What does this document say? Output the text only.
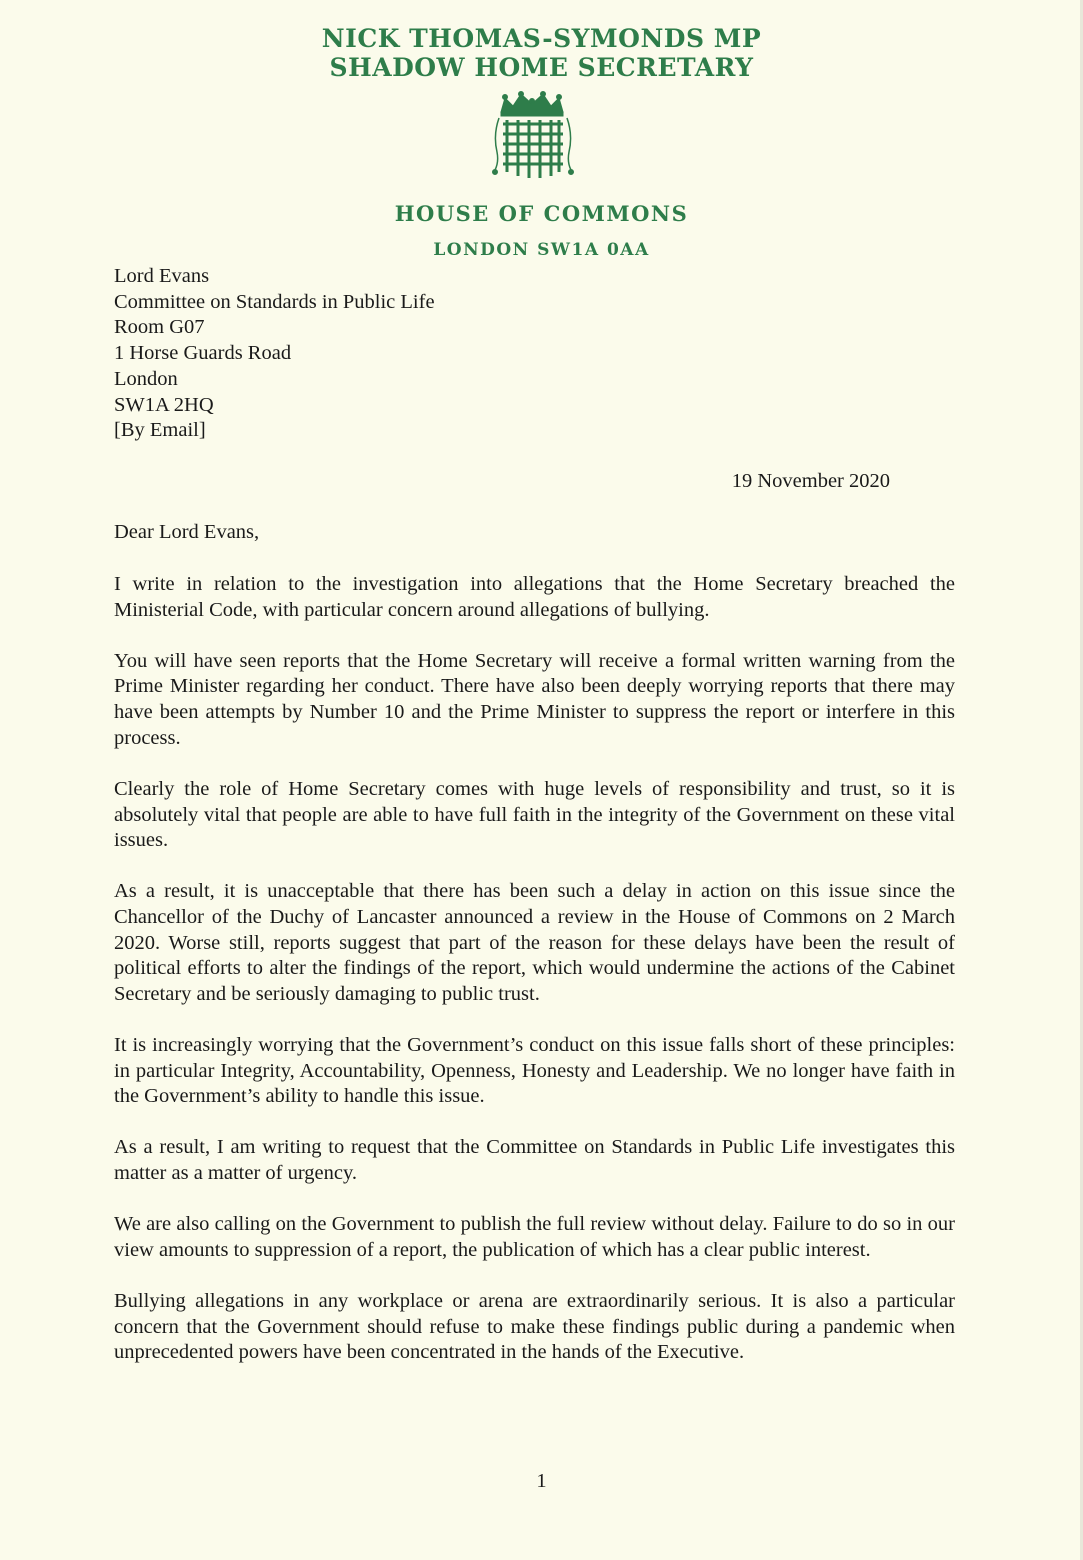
NICK THOMAS-SYMONDS MP
SHADOW HOME SECRETARY
HOUSE OF COMMONS
LONDON SW1A 0AA
Lord Evans
Committee on Standards in Public Life
Room G07
1 Horse Guards Road
London
SW1A 2HQ
[By Email]
19 November 2020
Dear Lord Evans,

I write in relation to the investigation into allegations that the Home Secretary breached the Ministerial Code, with particular concern around allegations of bullying.

You will have seen reports that the Home Secretary will receive a formal written warning from the Prime Minister regarding her conduct. There have also been deeply worrying reports that there may have been attempts by Number 10 and the Prime Minister to suppress the report or interfere in this process.

Clearly the role of Home Secretary comes with huge levels of responsibility and trust, so it is absolutely vital that people are able to have full faith in the integrity of the Government on these vital issues.

As a result, it is unacceptable that there has been such a delay in action on this issue since the Chancellor of the Duchy of Lancaster announced a review in the House of Commons on 2 March 2020. Worse still, reports suggest that part of the reason for these delays have been the result of political efforts to alter the findings of the report, which would undermine the actions of the Cabinet Secretary and be seriously damaging to public trust.

It is increasingly worrying that the Government’s conduct on this issue falls short of these principles: in particular Integrity, Accountability, Openness, Honesty and Leadership. We no longer have faith in the Government’s ability to handle this issue.

As a result, I am writing to request that the Committee on Standards in Public Life investigates this matter as a matter of urgency.

We are also calling on the Government to publish the full review without delay. Failure to do so in our view amounts to suppression of a report, the publication of which has a clear public interest.

Bullying allegations in any workplace or arena are extraordinarily serious. It is also a particular concern that the Government should refuse to make these findings public during a pandemic when unprecedented powers have been concentrated in the hands of the Executive.

1
